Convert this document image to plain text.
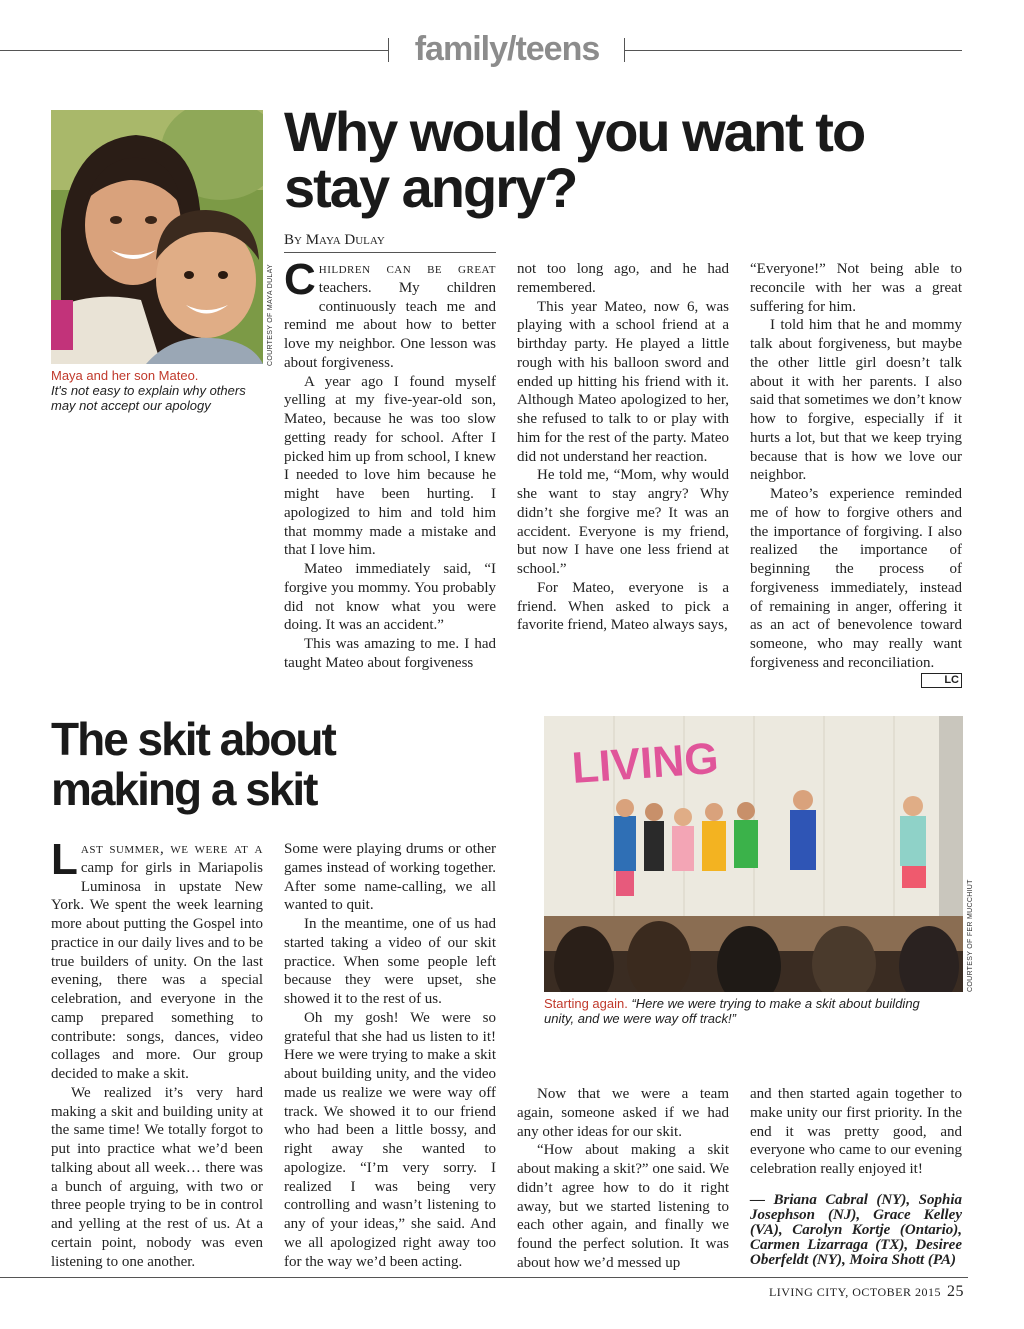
family/teens
COURTESY OF MAYA DULAY
Maya and her son Mateo.
It's not easy to explain why others may not accept our apology
Why would you want to stay angry?
By Maya Dulay

Children can be great teachers. My children continuously teach me and remind me about how to better love my neighbor. One lesson was about forgiveness.

A year ago I found myself yelling at my five-year-old son, Mateo, because he was too slow getting ready for school. After I picked him up from school, I knew I needed to love him because he might have been hurting. I apologized to him and told him that mommy made a mistake and that I love him.

Mateo immediately said, “I forgive you mommy. You probably did not know what you were doing. It was an accident.”

This was amazing to me. I had taught Mateo about forgiveness

not too long ago, and he had remembered.

This year Mateo, now 6, was playing with a school friend at a birthday party. He played a little rough with his balloon sword and ended up hitting his friend with it. Although Mateo apologized to her, she refused to talk to or play with him for the rest of the party. Mateo did not understand her reaction.

He told me, “Mom, why would she want to stay angry? Why didn’t she forgive me? It was an accident. Everyone is my friend, but now I have one less friend at school.”

For Mateo, everyone is a friend. When asked to pick a favorite friend, Mateo always says,

“Everyone!” Not being able to reconcile with her was a great suffering for him.

I told him that he and mommy talk about forgiveness, but maybe the other little girl doesn’t talk about it with her parents. I also said that sometimes we don’t know how to forgive, especially if it hurts a lot, but that we keep trying because that is how we love our neighbor.

Mateo’s experience reminded me of how to forgive others and the importance of forgiving. I also realized the importance of beginning the process of forgiveness immediately, instead of remaining in anger, offering it as an act of benevolence toward someone, who may really want forgiveness and reconciliation.
LC

The skit about making a skit	LIVING
COURTESY OF FER MUCCHIUT
Starting again. “Here we were trying to make a skit about building unity, and we were way off track!”

Last summer, we were at a camp for girls in Mariapolis Luminosa in upstate New York. We spent the week learning more about putting the Gospel into practice in our daily lives and to be true builders of unity. On the last evening, there was a special celebration, and everyone in the camp prepared something to contribute: songs, dances, video collages and more. Our group decided to make a skit.

We realized it’s very hard making a skit and building unity at the same time! We totally forgot to put into practice what we’d been talking about all week… there was a bunch of arguing, with two or three people trying to be in control and yelling at the rest of us. At a certain point, nobody was even listening to one another.

Some were playing drums or other games instead of working together. After some name-calling, we all wanted to quit.

In the meantime, one of us had started taking a video of our skit practice. When some people left because they were upset, she showed it to the rest of us.

Oh my gosh! We were so grateful that she had us listen to it! Here we were trying to make a skit about building unity, and the video made us realize we were way off track. We showed it to our friend who had been a little bossy, and right away she wanted to apologize. “I’m very sorry. I realized I was being very controlling and wasn’t listening to any of your ideas,” she said. And we all apologized right away too for the way we’d been acting.

Now that we were a team again, someone asked if we had any other ideas for our skit.

“How about making a skit about making a skit?” one said. We didn’t agree how to do it right away, but we started listening to each other again, and finally we found the perfect solution. It was about how we’d messed up

and then started again together to make unity our first priority. In the end it was pretty good, and everyone who came to our evening celebration really enjoyed it!

— Briana Cabral (NY), Sophia Josephson (NJ), Grace Kelley (VA), Carolyn Kortje (Ontario), Carmen Lizarraga (TX), Desiree Oberfeldt (NY), Moira Shott (PA)
LIVING CITY, OCTOBER 2015 25
